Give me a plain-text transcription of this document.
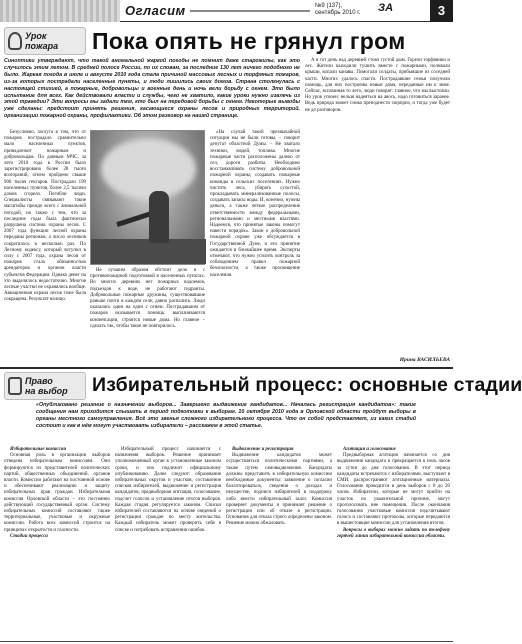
Огласим	№9 (137),
сентябрь 2010 г. ЗА	3
Урок
пожара Пока опять не грянул гром
Синоптики утверждают, что такой аномальной жаркой погоды не помнит даже старожилы, как это случилось этим летом. В средней полосе России, по их словам, за последние 130 лет ничего подобного не было. Жаркая погода в июле и августе 2010 года стала причиной массовых лесных и торфяных пожаров, из-за которых пострадали населенные пункты, и люди лишились своих домов. Страна столкнулась с настоящей стихией, а пожарные, добровольцы и военные день и ночь вели борьбу с огнем. Это было испытание для всех. Как действовали власти и службы, чего не хватило, какие уроки нужно извлечь из этой трагедии? Эти вопросы мы задали тем, кто был на передовой борьбы с огнем. Некоторые выводы уже сделаны: предстоит принять решения, касающиеся охраны лесов и природных территорий, организации пожарной охраны, профилактики. Об этом разговор на нашей странице.

Безусловно, заслуга в том, что от пожаров пострадало сравнительно мало населенных пунктов, принадлежит пожарным и добровольцам. По данным МЧС, за лето 2010 года в России было зарегистрировано более 28 тысяч возгораний, огнем пройдено свыше 900 тысяч гектаров. Пострадали 199 населенных пунктов, более 2,5 тысячи домов сгорело. Погибли люди. Специалисты связывают такие масштабы прежде всего с аномальной погодой, но также с тем, что за последние годы была фактически разрушена система охраны лесов. С 2007 года функции лесной охраны переданы регионам, а число лесников сократилось в несколько раз. По Лесному кодексу, который вступил в силу с 2007 года, охрана лесов от пожаров стала обязанностью арендаторов и органов власти субъектов Федерации. Однако денег на это выделялось недостаточно. Многие лесные участки не охранялись вообще. Авиационная охрана лесов тоже была сокращена. Результат налицо.

Не лучшим образом обстоит дело и с противопожарной подготовкой в населенных пунктах. Во многих деревнях нет пожарных водоемов, подъездов к воде, не работают гидранты. Добровольные пожарные дружины, существовавшие раньше почти в каждом селе, давно распались. Люди оказались один на один с огнем. Пострадавшим от пожаров оказывается помощь: выплачиваются компенсации, строятся новые дома. Но главное – сделать так, чтобы такое не повторилось.

«На случай такой чрезвычайной ситуации мы не были готовы, – говорит депутат областной Думы. – Не хватало техники, людей, топлива. Многие пожарные части расположены далеко от сел, дороги разбиты. Необходимо восстанавливать систему добровольной пожарной охраны, создавать пожарные команды в сельских поселениях. Нужно чистить леса, убирать сухостой, прокладывать минерализованные полосы, создавать запасы воды. И, конечно, нужны деньги, а также четкое распределение ответственности между федеральными, региональными и местными властями. Надеемся, что принятые законы помогут навести порядок». Закон о добровольной пожарной охране уже обсуждается в Государственной Думе, и его принятие ожидается в ближайшее время. Эксперты отмечают, что нужно усилить контроль за соблюдением правил пожарной безопасности, а также просвещение населения.

А в тот день над деревней стоял густой дым. Горели торфяники и лес. Жители выходили тушить вместе с пожарными, поливали крыши, копали канавы. Помогали солдаты, прибывшие из соседней части. Многих удалось спасти. Пострадавшие семьи получили помощь, для них построены новые дома, переданные им к зиме. Сейчас, вспоминая то лето, люди говорят: главное, что мы выстояли. Но урок усвоен: нельзя надеяться на авось, надо готовиться заранее. Ведь природа может снова преподнести сюрприз, и тогда уже будет не до разговоров.

Ирина ВАСИЛЬЕВА
Право
на выбор Избирательный процесс: основные стадии
«Опубликовано решение о назначении выборов... Завершено выдвижение кандидатов... Началась регистрация кандидатов»: такие сообщения нам приходится слышать в период подготовки к выборам. 10 октября 2010 года в Орловской области пройдут выборы в органы местного самоуправления. Всё это звенья сложного избирательного процесса. Что он собой представляет, из каких стадий состоит и как в нём могут участвовать избиратели – расскажем в этой статье.

Избирательные комиссии

Основная роль в организации выборов отведена избирательным комиссиям. Они формируются из представителей политических партий, общественных объединений, органов власти. Комиссии работают на постоянной основе и обеспечивают реализацию и защиту избирательных прав граждан. Избирательная комиссия Орловской области – это постоянно действующий государственный орган. Систему избирательных комиссий составляют также территориальные, участковые и окружные комиссии. Работа всех комиссий строится на принципах открытости и гласности.

Стадии процесса

Избирательный процесс начинается с назначения выборов. Решение принимает уполномоченный орган в установленные законом сроки, и оно подлежит официальному опубликованию. Далее следуют: образование избирательных округов и участков, составление списков избирателей, выдвижение и регистрация кандидатов, предвыборная агитация, голосование, подсчет голосов и установление итогов выборов. Каждая стадия регулируется законом. Списки избирателей составляются на основе сведений о регистрации граждан по месту жительства. Каждый избиратель может проверить себя в списке и потребовать исправления ошибок.

Выдвижение и регистрация

Выдвижение кандидатов может осуществляться политическими партиями, а также путем самовыдвижения. Кандидаты должны представить в избирательную комиссию необходимые документы: заявление о согласии баллотироваться, сведения о доходах и имуществе, подписи избирателей в поддержку либо внести избирательный залог. Комиссия проверяет документы и принимает решение о регистрации или об отказе в регистрации. Основания для отказа строго определены законом. Решение можно обжаловать.

Агитация и голосование

Предвыборная агитация начинается со дня выдвижения кандидата и прекращается в ноль часов за сутки до дня голосования. В этот период кандидаты встречаются с избирателями, выступают в СМИ, распространяют агитационные материалы. Голосование проводится в день выборов с 8 до 20 часов. Избиратели, которые не могут прийти на участок по уважительной причине, могут проголосовать вне помещения. После окончания голосования участковые комиссии подсчитывают голоса и составляют протоколы, которые передаются в вышестоящие комиссии для установления итогов.

Вопросы о выборах можно задать по телефону горячей линии избирательной комиссии области.
